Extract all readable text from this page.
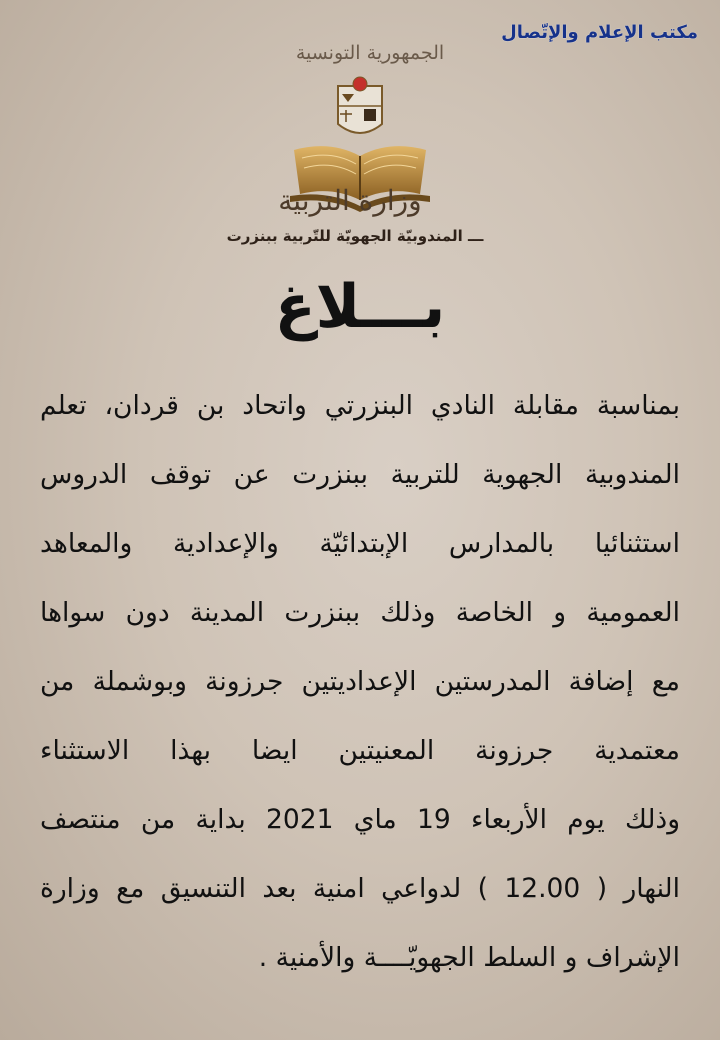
مكتب الإعلام والإتّصال
الجمهورية التونسية
وزارة التربية
ـــ المندوبيّة الجهويّة للتّربية ببنزرت
بـــلاغ
بمناسبة مقابلة النادي البنزرتي واتحاد بن قردان، تعلم
المندوبية الجهوية للتربية ببنزرت عن توقف الدروس
استثنائيا بالمدارس الإبتدائيّة والإعدادية والمعاهد
العمومية و الخاصة وذلك ببنزرت المدينة دون سواها
مع إضافة المدرستين الإعداديتين جرزونة وبوشملة من
معتمدية جرزونة المعنيتين ايضا بهذا الاستثناء
وذلك يوم الأربعاء 19 ماي 2021 بداية من منتصف
النهار ( 12.00 ) لدواعي امنية بعد التنسيق مع وزارة
الإشراف و السلط الجهويّــــة والأمنية .
